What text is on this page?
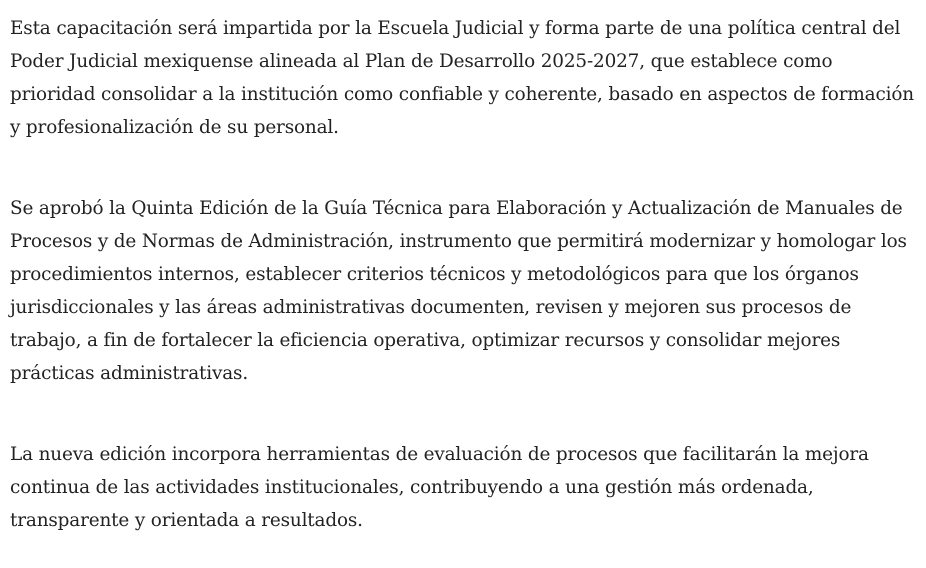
Esta capacitación será impartida por la Escuela Judicial y forma parte de una política central del Poder Judicial mexiquense alineada al Plan de Desarrollo 2025-2027, que establece como prioridad consolidar a la institución como confiable y coherente, basado en aspectos de formación y profesionalización de su personal.

Se aprobó la Quinta Edición de la Guía Técnica para Elaboración y Actualización de Manuales de Procesos y de Normas de Administración, instrumento que permitirá modernizar y homologar los procedimientos internos, establecer criterios técnicos y metodológicos para que los órganos jurisdiccionales y las áreas administrativas documenten, revisen y mejoren sus procesos de trabajo, a fin de fortalecer la eficiencia operativa, optimizar recursos y consolidar mejores prácticas administrativas.

La nueva edición incorpora herramientas de evaluación de procesos que facilitarán la mejora continua de las actividades institucionales, contribuyendo a una gestión más ordenada, transparente y orientada a resultados.
